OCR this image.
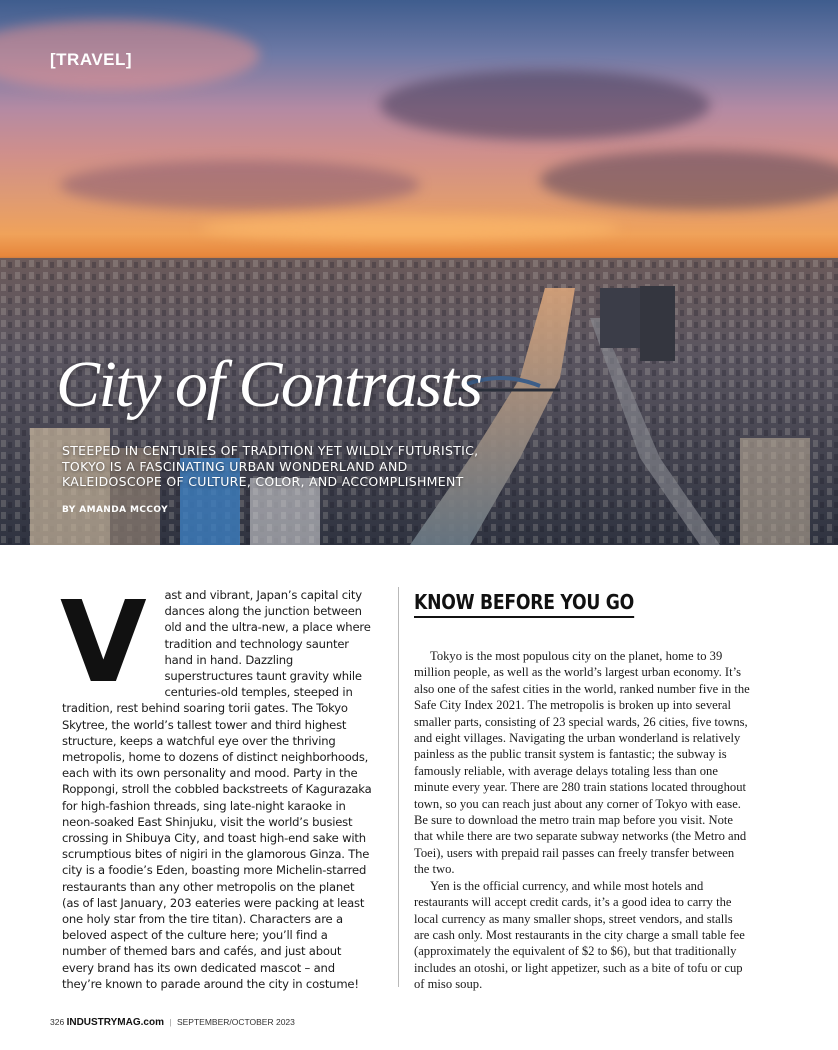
[TRAVEL]
City of Contrasts
STEEPED IN CENTURIES OF TRADITION YET WILDLY FUTURISTIC, TOKYO IS A FASCINATING URBAN WONDERLAND AND KALEIDOSCOPE OF CULTURE, COLOR, AND ACCOMPLISHMENT
BY AMANDA MCCOY
V ast and vibrant, Japan’s capital city dances along the junction between old and the ultra-new, a place where tradition and technology saunter hand in hand. Dazzling superstructures taunt gravity while centuries-old temples, steeped in tradition, rest behind soaring torii gates. The Tokyo Skytree, the world’s tallest tower and third highest structure, keeps a watchful eye over the thriving metropolis, home to dozens of distinct neighborhoods, each with its own personality and mood. Party in the Roppongi, stroll the cobbled backstreets of Kagurazaka for high-fashion threads, sing late-night karaoke in neon-soaked East Shinjuku, visit the world’s busiest crossing in Shibuya City, and toast high-end sake with scrumptious bites of nigiri in the glamorous Ginza. The city is a foodie’s Eden, boasting more Michelin-starred restaurants than any other metropolis on the planet (as of last January, 203 eateries were packing at least one holy star from the tire titan). Characters are a beloved aspect of the culture here; you’ll find a number of themed bars and cafés, and just about every brand has its own dedicated mascot – and they’re known to parade around the city in costume!
KNOW BEFORE YOU GO

Tokyo is the most populous city on the planet, home to 39 million people, as well as the world’s largest urban economy. It’s also one of the safest cities in the world, ranked number five in the Safe City Index 2021. The metropolis is broken up into several smaller parts, consisting of 23 special wards, 26 cities, five towns, and eight villages. Navigating the urban wonderland is relatively painless as the public transit system is fantastic; the subway is famously reliable, with average delays totaling less than one minute every year. There are 280 train stations located throughout town, so you can reach just about any corner of Tokyo with ease. Be sure to download the metro train map before you visit. Note that while there are two separate subway networks (the Metro and Toei), users with prepaid rail passes can freely transfer between the two.

Yen is the official currency, and while most hotels and restaurants will accept credit cards, it’s a good idea to carry the local currency as many smaller shops, street vendors, and stalls are cash only. Most restaurants in the city charge a small table fee (approximately the equivalent of $2 to $6), but that traditionally includes an otoshi, or light appetizer, such as a bite of tofu or cup of miso soup.

326 INDUSTRYMAG.com | SEPTEMBER/OCTOBER 2023
